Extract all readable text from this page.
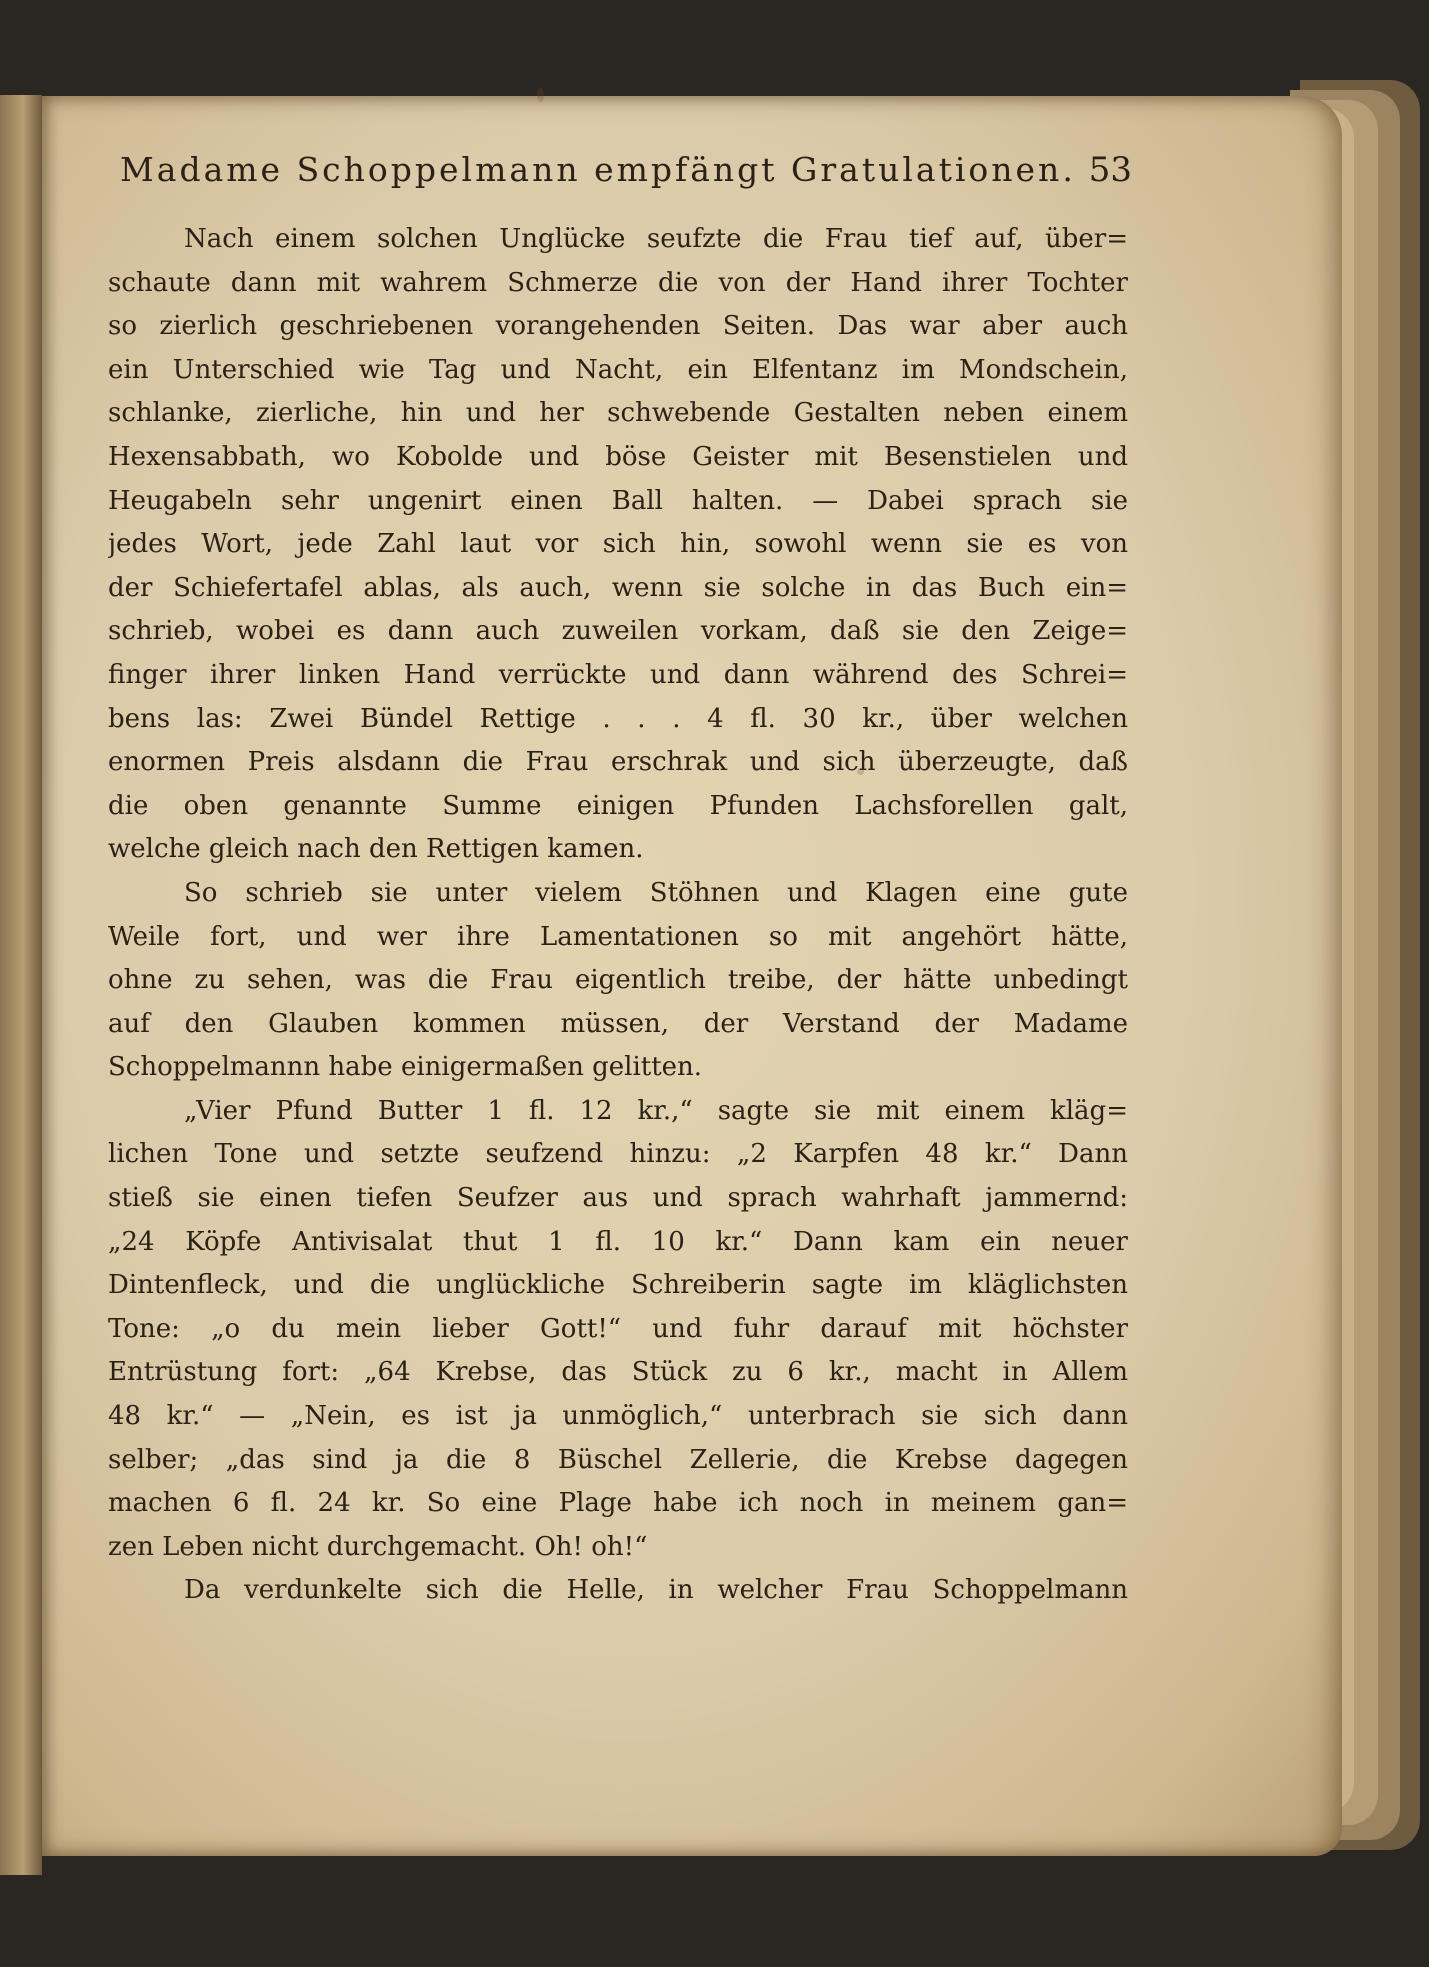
Madame Schoppelmann empfängt Gratulationen. 53
Nach einem solchen Unglücke seufzte die Frau tief auf, über=
schaute dann mit wahrem Schmerze die von der Hand ihrer Tochter
so zierlich geschriebenen vorangehenden Seiten. Das war aber auch
ein Unterschied wie Tag und Nacht, ein Elfentanz im Mondschein,
schlanke, zierliche, hin und her schwebende Gestalten neben einem
Hexensabbath, wo Kobolde und böse Geister mit Besenstielen und
Heugabeln sehr ungenirt einen Ball halten. — Dabei sprach sie
jedes Wort, jede Zahl laut vor sich hin, sowohl wenn sie es von
der Schiefertafel ablas, als auch, wenn sie solche in das Buch ein=
schrieb, wobei es dann auch zuweilen vorkam, daß sie den Zeige=
finger ihrer linken Hand verrückte und dann während des Schrei=
bens las: Zwei Bündel Rettige . . . 4 fl. 30 kr., über welchen
enormen Preis alsdann die Frau erschrak und sich überzeugte, daß
die oben genannte Summe einigen Pfunden Lachsforellen galt,
welche gleich nach den Rettigen kamen.
So schrieb sie unter vielem Stöhnen und Klagen eine gute
Weile fort, und wer ihre Lamentationen so mit angehört hätte,
ohne zu sehen, was die Frau eigentlich treibe, der hätte unbedingt
auf den Glauben kommen müssen, der Verstand der Madame
Schoppelmannn habe einigermaßen gelitten.
„Vier Pfund Butter 1 fl. 12 kr.,“ sagte sie mit einem kläg=
lichen Tone und setzte seufzend hinzu: „2 Karpfen 48 kr.“ Dann
stieß sie einen tiefen Seufzer aus und sprach wahrhaft jammernd:
„24 Köpfe Antivisalat thut 1 fl. 10 kr.“ Dann kam ein neuer
Dintenfleck, und die unglückliche Schreiberin sagte im kläglichsten
Tone: „o du mein lieber Gott!“ und fuhr darauf mit höchster
Entrüstung fort: „64 Krebse, das Stück zu 6 kr., macht in Allem
48 kr.“ — „Nein, es ist ja unmöglich,“ unterbrach sie sich dann
selber; „das sind ja die 8 Büschel Zellerie, die Krebse dagegen
machen 6 fl. 24 kr. So eine Plage habe ich noch in meinem gan=
zen Leben nicht durchgemacht. Oh! oh!“
Da verdunkelte sich die Helle, in welcher Frau Schoppelmann
